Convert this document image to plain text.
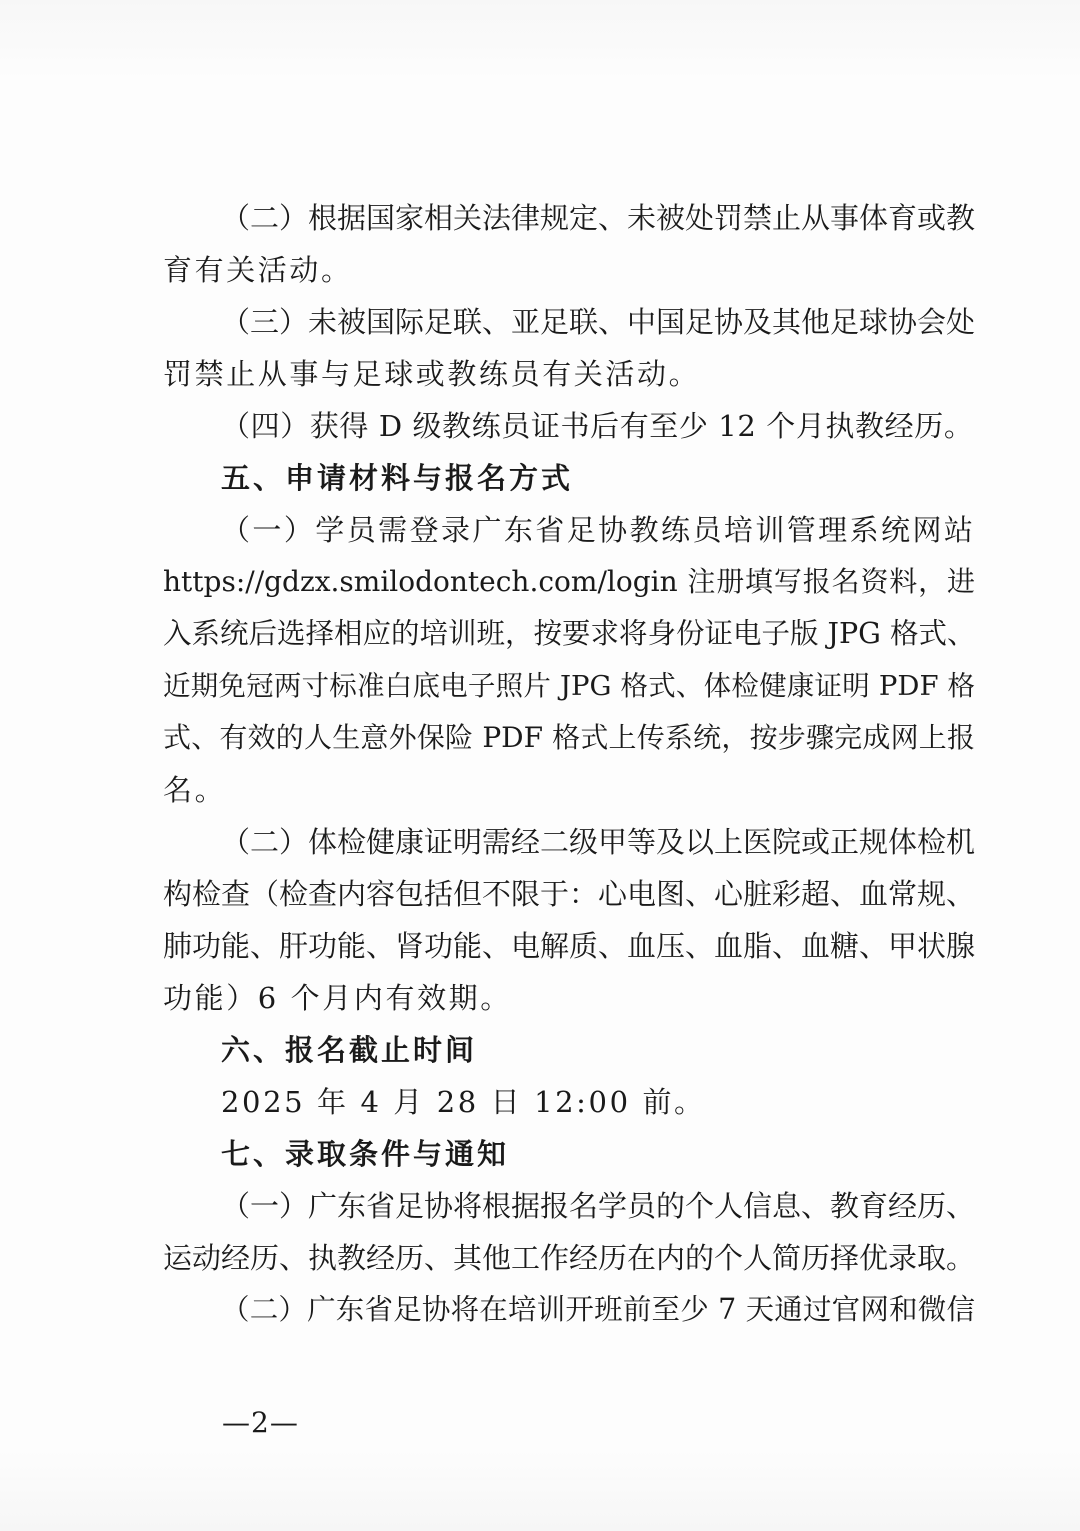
（二）根据国家相关法律规定、未被处罚禁止从事体育或教
育有关活动。
（三）未被国际足联、亚足联、中国足协及其他足球协会处
罚禁止从事与足球或教练员有关活动。
（四）获得 D 级教练员证书后有至少 12 个月执教经历。
五、申请材料与报名方式
（一）学员需登录广东省足协教练员培训管理系统网站
https://gdzx.smilodontech.com/login 注册填写报名资料，进
入系统后选择相应的培训班，按要求将身份证电子版 JPG 格式、
近期免冠两寸标准白底电子照片 JPG 格式、体检健康证明 PDF 格
式、有效的人生意外保险 PDF 格式上传系统，按步骤完成网上报
名。
（二）体检健康证明需经二级甲等及以上医院或正规体检机
构检查（检查内容包括但不限于：心电图、心脏彩超、血常规、
肺功能、肝功能、肾功能、电解质、血压、血脂、血糖、甲状腺
功能）6 个月内有效期。
六、报名截止时间
2025 年 4 月 28 日 12:00 前。
七、录取条件与通知
（一）广东省足协将根据报名学员的个人信息、教育经历、
运动经历、执教经历、其他工作经历在内的个人简历择优录取。
（二）广东省足协将在培训开班前至少 7 天通过官网和微信
—2—
